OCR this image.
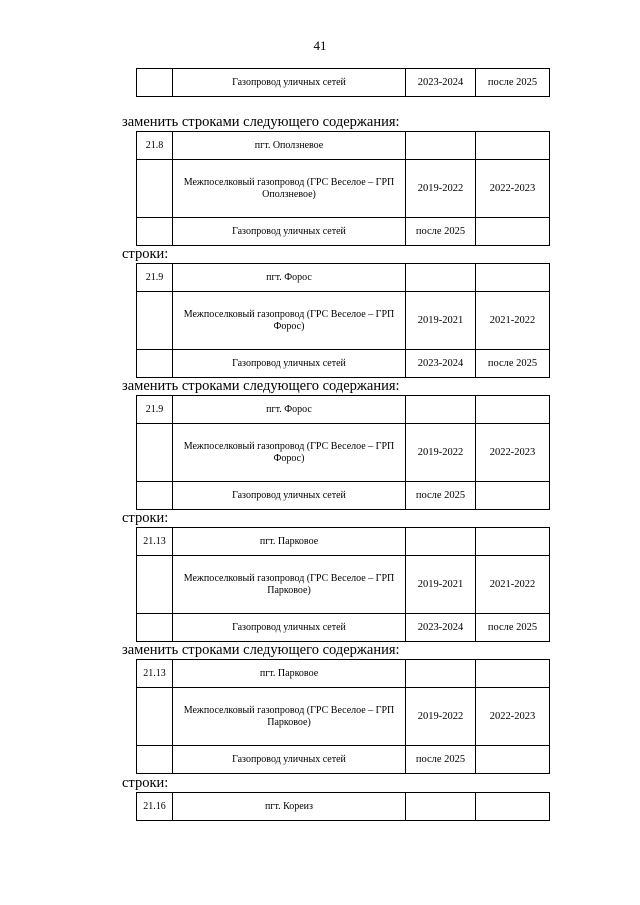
41
	Газопровод уличных сетей	2023-2024	после 2025
заменить строками следующего содержания:
21.8	пгт. Оползневое		
	Межпоселковый газопровод (ГРС Веселое – ГРП Оползневое)	2019-2022	2022-2023
	Газопровод уличных сетей	после 2025	
строки:
21.9	пгт. Форос		
	Межпоселковый газопровод (ГРС Веселое – ГРП Форос)	2019-2021	2021-2022
	Газопровод уличных сетей	2023-2024	после 2025
заменить строками следующего содержания:
21.9	пгт. Форос		
	Межпоселковый газопровод (ГРС Веселое – ГРП Форос)	2019-2022	2022-2023
	Газопровод уличных сетей	после 2025	
строки:
21.13	пгт. Парковое		
	Межпоселковый газопровод (ГРС Веселое – ГРП Парковое)	2019-2021	2021-2022
	Газопровод уличных сетей	2023-2024	после 2025
заменить строками следующего содержания:
21.13	пгт. Парковое		
	Межпоселковый газопровод (ГРС Веселое – ГРП Парковое)	2019-2022	2022-2023
	Газопровод уличных сетей	после 2025	
строки:
21.16	пгт. Кореиз		
